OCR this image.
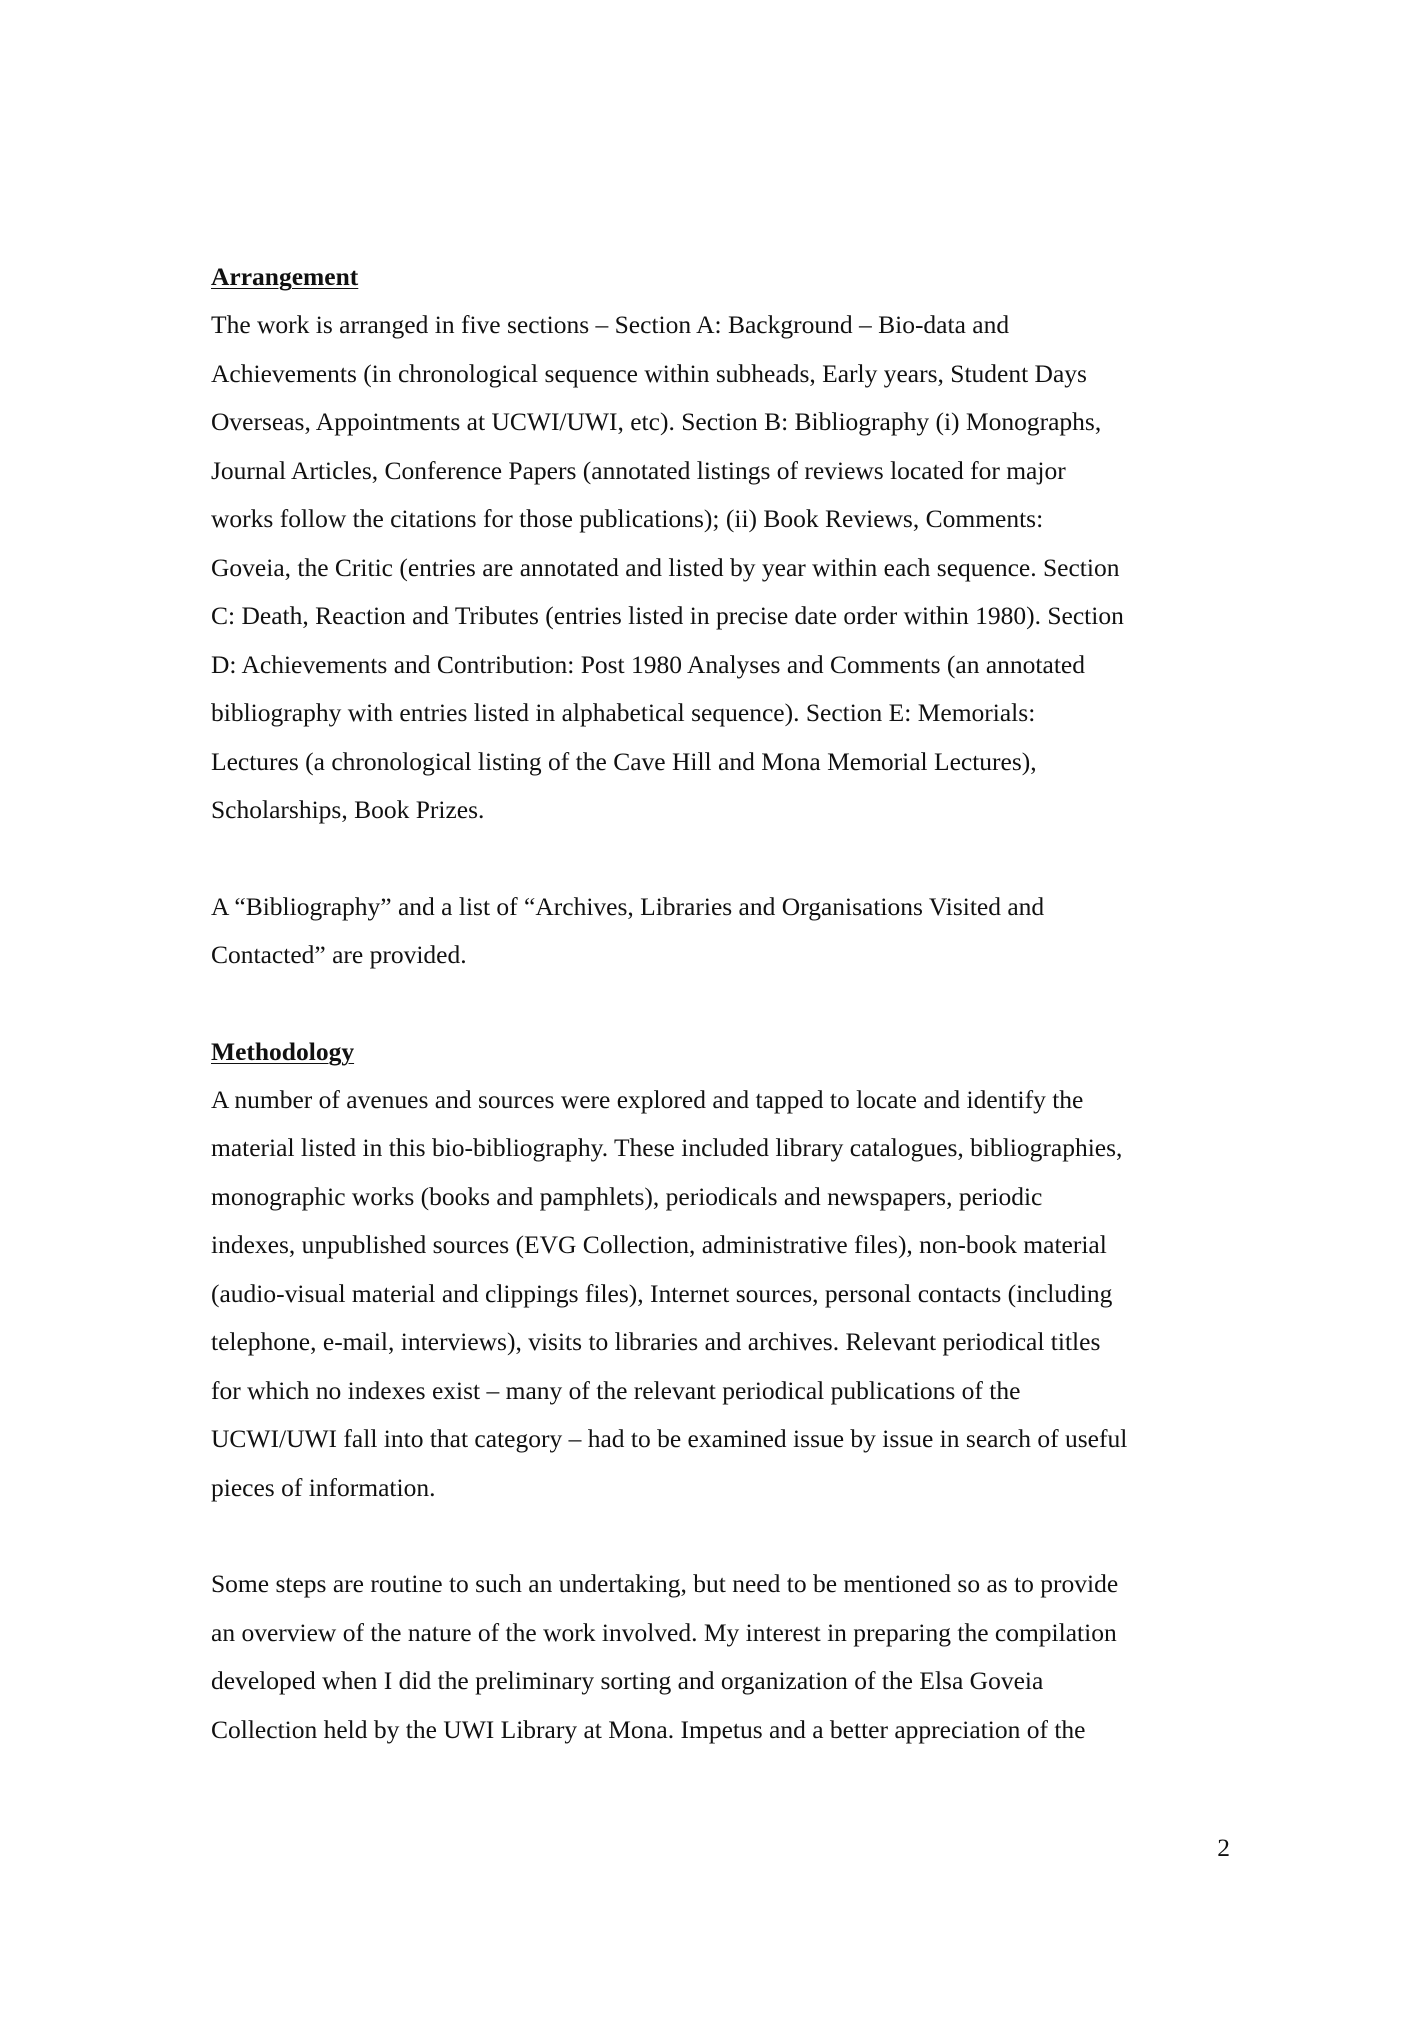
Arrangement

The work is arranged in five sections – Section A: Background – Bio-data and
Achievements (in chronological sequence within subheads, Early years, Student Days
Overseas, Appointments at UCWI/UWI, etc). Section B: Bibliography (i) Monographs,
Journal Articles, Conference Papers (annotated listings of reviews located for major
works follow the citations for those publications); (ii) Book Reviews, Comments:
Goveia, the Critic (entries are annotated and listed by year within each sequence. Section
C: Death, Reaction and Tributes (entries listed in precise date order within 1980). Section
D: Achievements and Contribution: Post 1980 Analyses and Comments (an annotated
bibliography with entries listed in alphabetical sequence). Section E: Memorials:
Lectures (a chronological listing of the Cave Hill and Mona Memorial Lectures),
Scholarships, Book Prizes.

A “Bibliography” and a list of “Archives, Libraries and Organisations Visited and
Contacted” are provided.

Methodology

A number of avenues and sources were explored and tapped to locate and identify the
material listed in this bio-bibliography. These included library catalogues, bibliographies,
monographic works (books and pamphlets), periodicals and newspapers, periodic
indexes, unpublished sources (EVG Collection, administrative files), non-book material
(audio-visual material and clippings files), Internet sources, personal contacts (including
telephone, e-mail, interviews), visits to libraries and archives. Relevant periodical titles
for which no indexes exist – many of the relevant periodical publications of the
UCWI/UWI fall into that category – had to be examined issue by issue in search of useful
pieces of information.

Some steps are routine to such an undertaking, but need to be mentioned so as to provide
an overview of the nature of the work involved. My interest in preparing the compilation
developed when I did the preliminary sorting and organization of the Elsa Goveia
Collection held by the UWI Library at Mona. Impetus and a better appreciation of the

2
